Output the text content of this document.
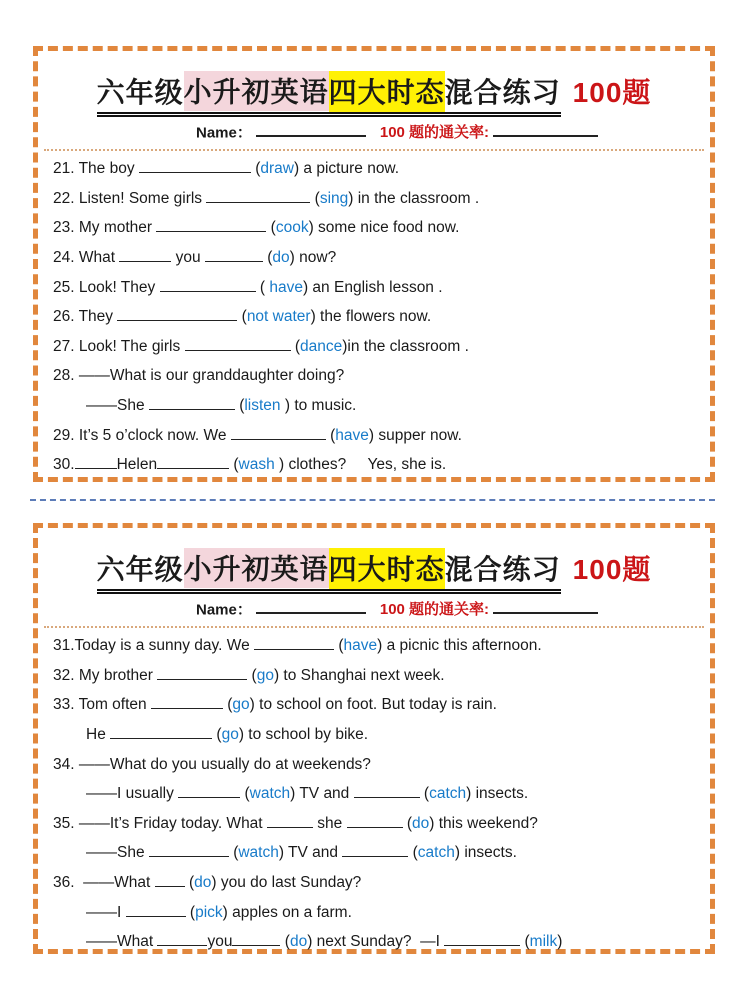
六年级小升初英语四大时态混合练习 100题
Name：	100 题的通关率:
21. The boy	(draw) a picture now.
22. Listen! Some girls	(sing) in the classroom .
23. My mother	(cook) some nice food now.
24. What	you	(do) now?
25. Look! They	( have) an English lesson .
26. They	(not water) the flowers now.
27. Look! The girls	(dance)in the classroom .
28. ——What is our granddaughter doing?
——She	(listen ) to music.
29. It’s 5 o’clock now. We	(have) supper now.
30.	Helen	(wash ) clothes?     Yes, she is.
六年级小升初英语四大时态混合练习 100题
Name：	100 题的通关率:
31.Today is a sunny day. We	(have) a picnic this afternoon.
32. My brother	(go) to Shanghai next week.
33. Tom often	(go) to school on foot. But today is rain.
He	(go) to school by bike.
34. ——What do you usually do at weekends?
——I usually	(watch) TV and	(catch) insects.
35. ——It’s Friday today. What	she	(do) this weekend?
——She	(watch) TV and	(catch) insects.
36.  ——What  (do) you do last Sunday?
——I	(pick) apples on a farm.
——What	you	(do) next Sunday?  —I	(milk)
